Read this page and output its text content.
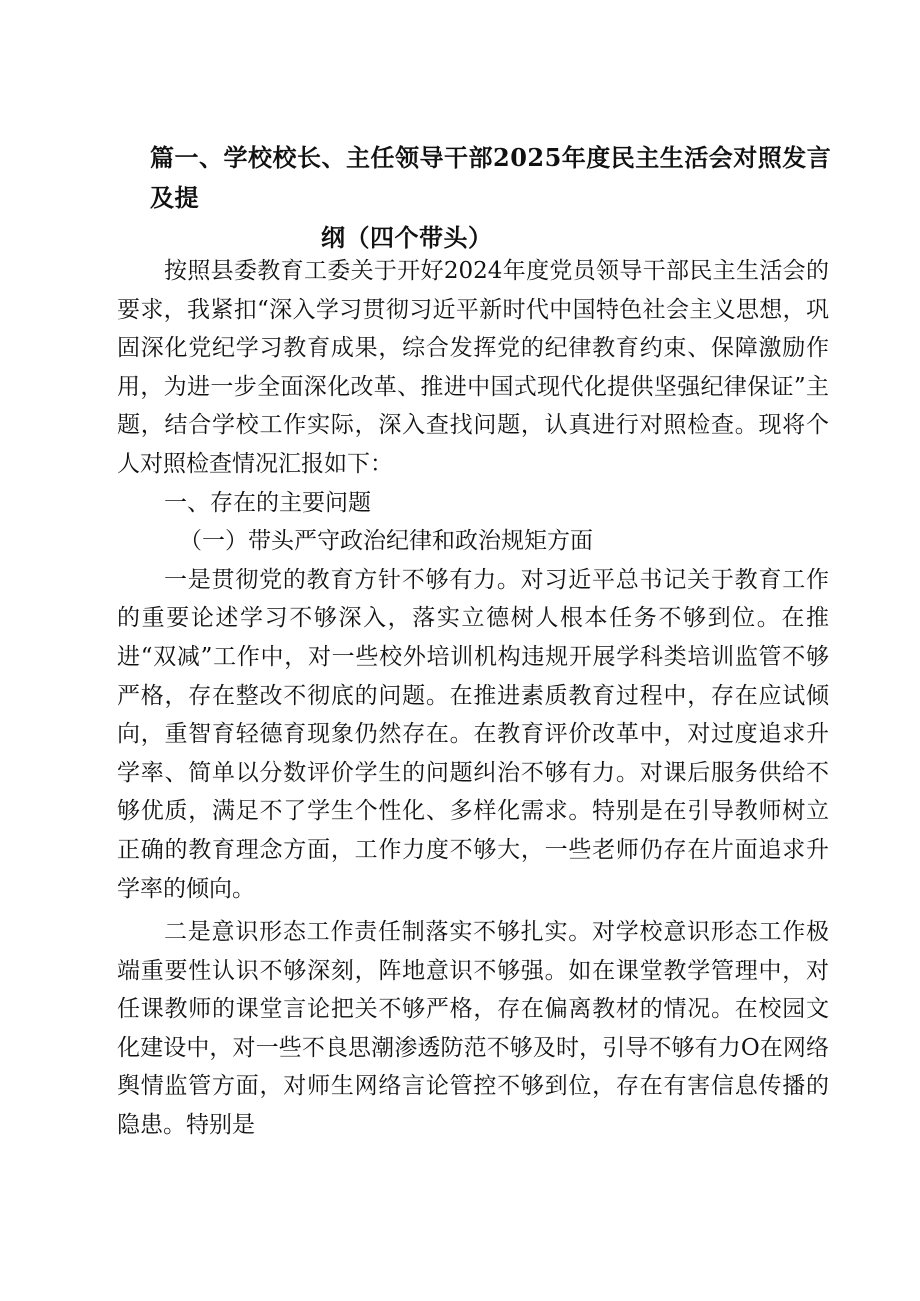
篇一、学校校长、主任领导干部2025年度民主生活会对照发言及提
纲（四个带头）

按照县委教育工委关于开好2024年度党员领导干部民主生活会的要求，我紧扣“深入学习贯彻习近平新时代中国特色社会主义思想，巩固深化党纪学习教育成果，综合发挥党的纪律教育约束、保障激励作用，为进一步全面深化改革、推进中国式现代化提供坚强纪律保证”主题，结合学校工作实际，深入查找问题，认真进行对照检查。现将个人对照检查情况汇报如下：

一、存在的主要问题

（一）带头严守政治纪律和政治规矩方面

一是贯彻党的教育方针不够有力。对习近平总书记关于教育工作的重要论述学习不够深入，落实立德树人根本任务不够到位。在推进“双减”工作中，对一些校外培训机构违规开展学科类培训监管不够严格，存在整改不彻底的问题。在推进素质教育过程中，存在应试倾向，重智育轻德育现象仍然存在。在教育评价改革中，对过度追求升学率、简单以分数评价学生的问题纠治不够有力。对课后服务供给不够优质，满足不了学生个性化、多样化需求。特别是在引导教师树立正确的教育理念方面，工作力度不够大，一些老师仍存在片面追求升学率的倾向。

二是意识形态工作责任制落实不够扎实。对学校意识形态工作极端重要性认识不够深刻，阵地意识不够强。如在课堂教学管理中，对任课教师的课堂言论把关不够严格，存在偏离教材的情况。在校园文化建设中，对一些不良思潮渗透防范不够及时，引导不够有力O在网络舆情监管方面，对师生网络言论管控不够到位，存在有害信息传播的隐患。特别是
